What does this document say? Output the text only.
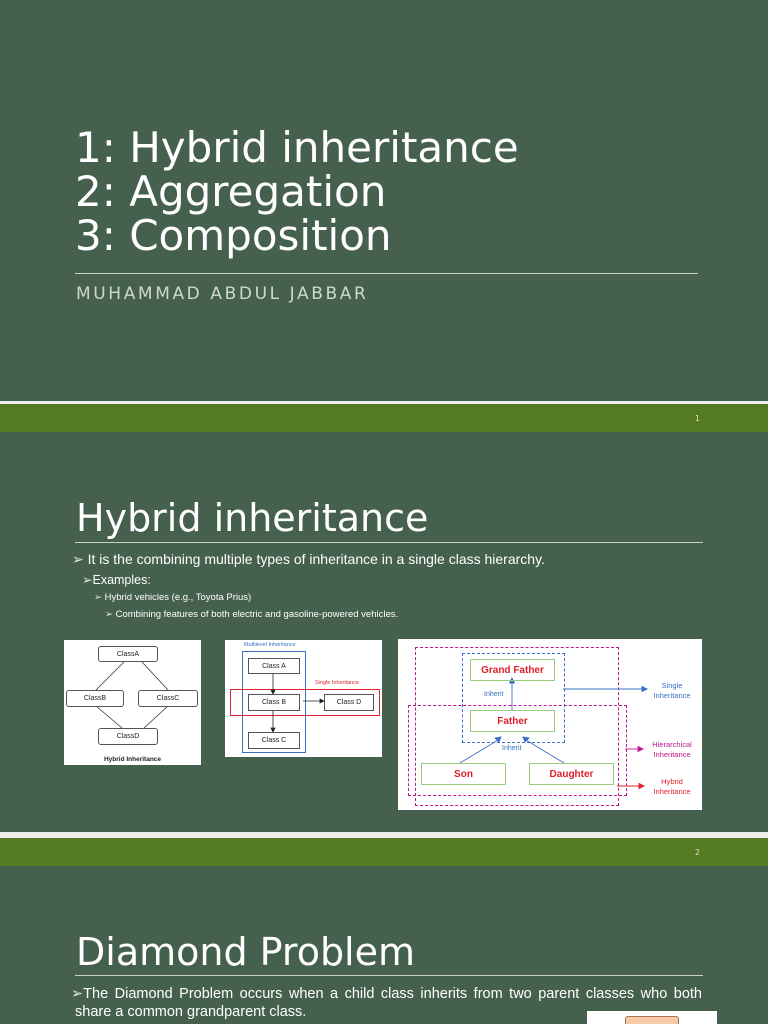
1: Hybrid inheritance
2: Aggregation
3: Composition
MUHAMMAD ABDUL JABBAR
1
Hybrid inheritance
➢ It is the combining multiple types of inheritance in a single class hierarchy.
➢Examples:
➢ Hybrid vehicles (e.g., Toyota Prius)
➢ Combining features of both electric and gasoline-powered vehicles.
ClassA
ClassB	ClassC
ClassD
Hybrid Inheritance
Multilevel Inheritance
Single Inheritance
Class A
Class B	Class D
Class C
Grand Father
Inherit
Father
Inherit
Son	Daughter
Single
Inheritance
Hierarchical
Inheritance
Hybrid
Inheritance
2
Diamond Problem
➢The Diamond Problem occurs when a child class inherits from two parent classes who both share a common grandparent class.
